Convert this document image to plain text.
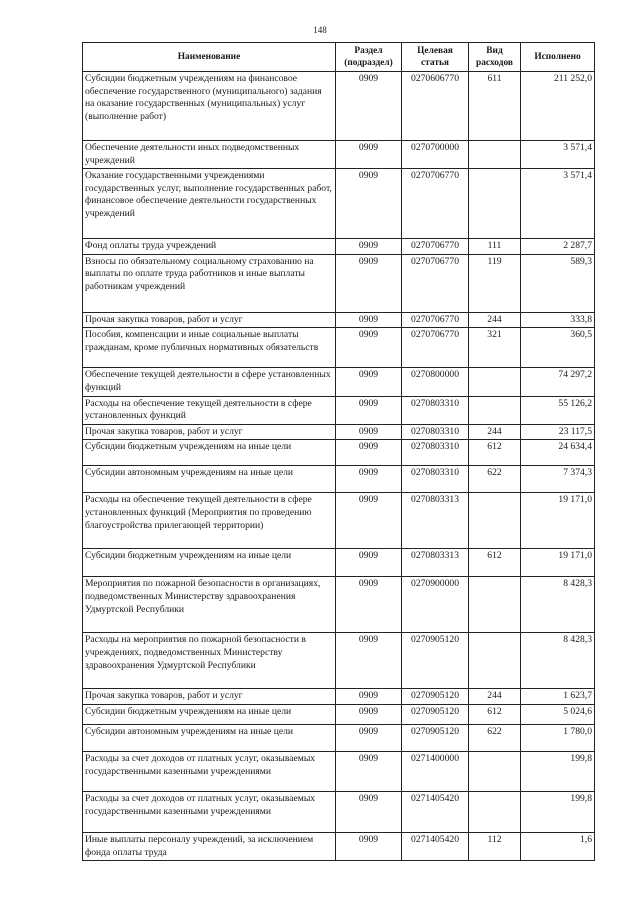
148
Наименование	Раздел (подраздел)	Целевая статья	Вид расходов	Исполнено
Субсидии бюджетным учреждениям на финансовое обеспечение государственного (муниципального) задания на оказание государственных (муниципальных) услуг (выполнение работ)	0909	0270606770	611	211 252,0
Обеспечение деятельности иных подведомственных учреждений	0909	0270700000		3 571,4
Оказание государственными учреждениями государственных услуг, выполнение государственных работ, финансовое обеспечение деятельности государственных учреждений	0909	0270706770		3 571,4
Фонд оплаты труда учреждений	0909	0270706770	111	2 287,7
Взносы по обязательному социальному страхованию на выплаты по оплате труда работников и иные выплаты работникам учреждений	0909	0270706770	119	589,3
Прочая закупка товаров, работ и услуг	0909	0270706770	244	333,8
Пособия, компенсации и иные социальные выплаты гражданам, кроме публичных нормативных обязательств	0909	0270706770	321	360,5
Обеспечение текущей деятельности в сфере установленных функций	0909	0270800000		74 297,2
Расходы на обеспечение текущей деятельности в сфере установленных функций	0909	0270803310		55 126,2
Прочая закупка товаров, работ и услуг	0909	0270803310	244	23 117,5
Субсидии бюджетным учреждениям на иные цели	0909	0270803310	612	24 634,4
Субсидии автономным учреждениям на иные цели	0909	0270803310	622	7 374,3
Расходы на обеспечение текущей деятельности в сфере установленных функций (Мероприятия по проведению благоустройства прилегающей территории)	0909	0270803313		19 171,0
Субсидии бюджетным учреждениям на иные цели	0909	0270803313	612	19 171,0
Мероприятия по пожарной безопасности в организациях, подведомственных Министерству здравоохранения Удмуртской Республики	0909	0270900000		8 428,3
Расходы на мероприятия по пожарной безопасности в учреждениях, подведомственных Министерству здравоохранения Удмуртской Республики	0909	0270905120		8 428,3
Прочая закупка товаров, работ и услуг	0909	0270905120	244	1 623,7
Субсидии бюджетным учреждениям на иные цели	0909	0270905120	612	5 024,6
Субсидии автономным учреждениям на иные цели	0909	0270905120	622	1 780,0
Расходы за счет доходов от платных услуг, оказываемых государственными казенными учреждениями	0909	0271400000		199,8
Расходы за счет доходов от платных услуг, оказываемых государственными казенными учреждениями	0909	0271405420		199,8
Иные выплаты персоналу учреждений, за исключением фонда оплаты труда	0909	0271405420	112	1,6
